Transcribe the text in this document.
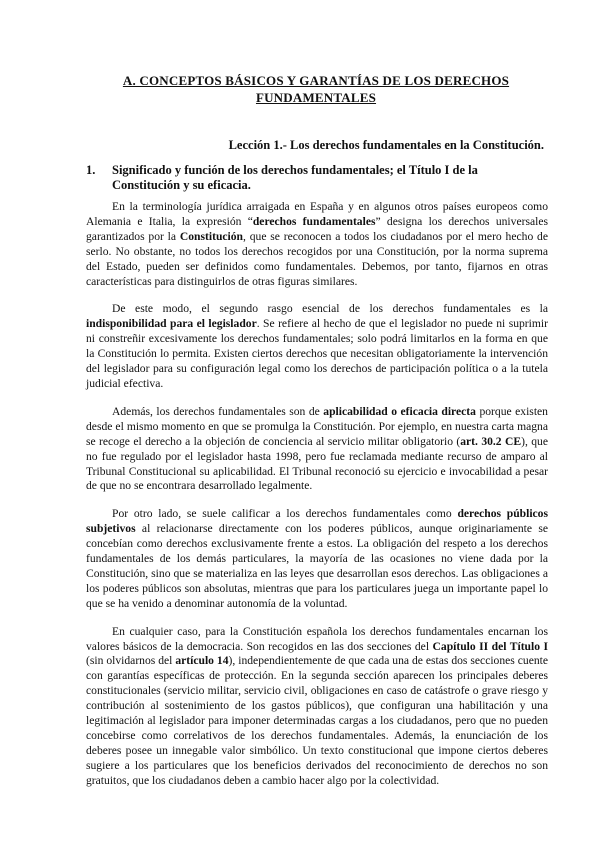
A. CONCEPTOS BÁSICOS Y GARANTÍAS DE LOS DERECHOS FUNDAMENTALES
Lección 1.- Los derechos fundamentales en la Constitución.
1. Significado y función de los derechos fundamentales; el Título I de la Constitución y su eficacia.

En la terminología jurídica arraigada en España y en algunos otros países europeos como Alemania e Italia, la expresión “derechos fundamentales” designa los derechos universales garantizados por la Constitución, que se reconocen a todos los ciudadanos por el mero hecho de serlo. No obstante, no todos los derechos recogidos por una Constitución, por la norma suprema del Estado, pueden ser definidos como fundamentales. Debemos, por tanto, fijarnos en otras características para distinguirlos de otras figuras similares.

De este modo, el segundo rasgo esencial de los derechos fundamentales es la indisponibilidad para el legislador. Se refiere al hecho de que el legislador no puede ni suprimir ni constreñir excesivamente los derechos fundamentales; solo podrá limitarlos en la forma en que la Constitución lo permita. Existen ciertos derechos que necesitan obligatoriamente la intervención del legislador para su configuración legal como los derechos de participación política o a la tutela judicial efectiva.

Además, los derechos fundamentales son de aplicabilidad o eficacia directa porque existen desde el mismo momento en que se promulga la Constitución. Por ejemplo, en nuestra carta magna se recoge el derecho a la objeción de conciencia al servicio militar obligatorio (art. 30.2 CE), que no fue regulado por el legislador hasta 1998, pero fue reclamada mediante recurso de amparo al Tribunal Constitucional su aplicabilidad. El Tribunal reconoció su ejercicio e invocabilidad a pesar de que no se encontrara desarrollado legalmente.

Por otro lado, se suele calificar a los derechos fundamentales como derechos públicos subjetivos al relacionarse directamente con los poderes públicos, aunque originariamente se concebían como derechos exclusivamente frente a estos. La obligación del respeto a los derechos fundamentales de los demás particulares, la mayoría de las ocasiones no viene dada por la Constitución, sino que se materializa en las leyes que desarrollan esos derechos. Las obligaciones a los poderes públicos son absolutas, mientras que para los particulares juega un importante papel lo que se ha venido a denominar autonomía de la voluntad.

En cualquier caso, para la Constitución española los derechos fundamentales encarnan los valores básicos de la democracia. Son recogidos en las dos secciones del Capítulo II del Título I (sin olvidarnos del artículo 14), independientemente de que cada una de estas dos secciones cuente con garantías específicas de protección. En la segunda sección aparecen los principales deberes constitucionales (servicio militar, servicio civil, obligaciones en caso de catástrofe o grave riesgo y contribución al sostenimiento de los gastos públicos), que configuran una habilitación y una legitimación al legislador para imponer determinadas cargas a los ciudadanos, pero que no pueden concebirse como correlativos de los derechos fundamentales. Además, la enunciación de los deberes posee un innegable valor simbólico. Un texto constitucional que impone ciertos deberes sugiere a los particulares que los beneficios derivados del reconocimiento de derechos no son gratuitos, que los ciudadanos deben a cambio hacer algo por la colectividad.
